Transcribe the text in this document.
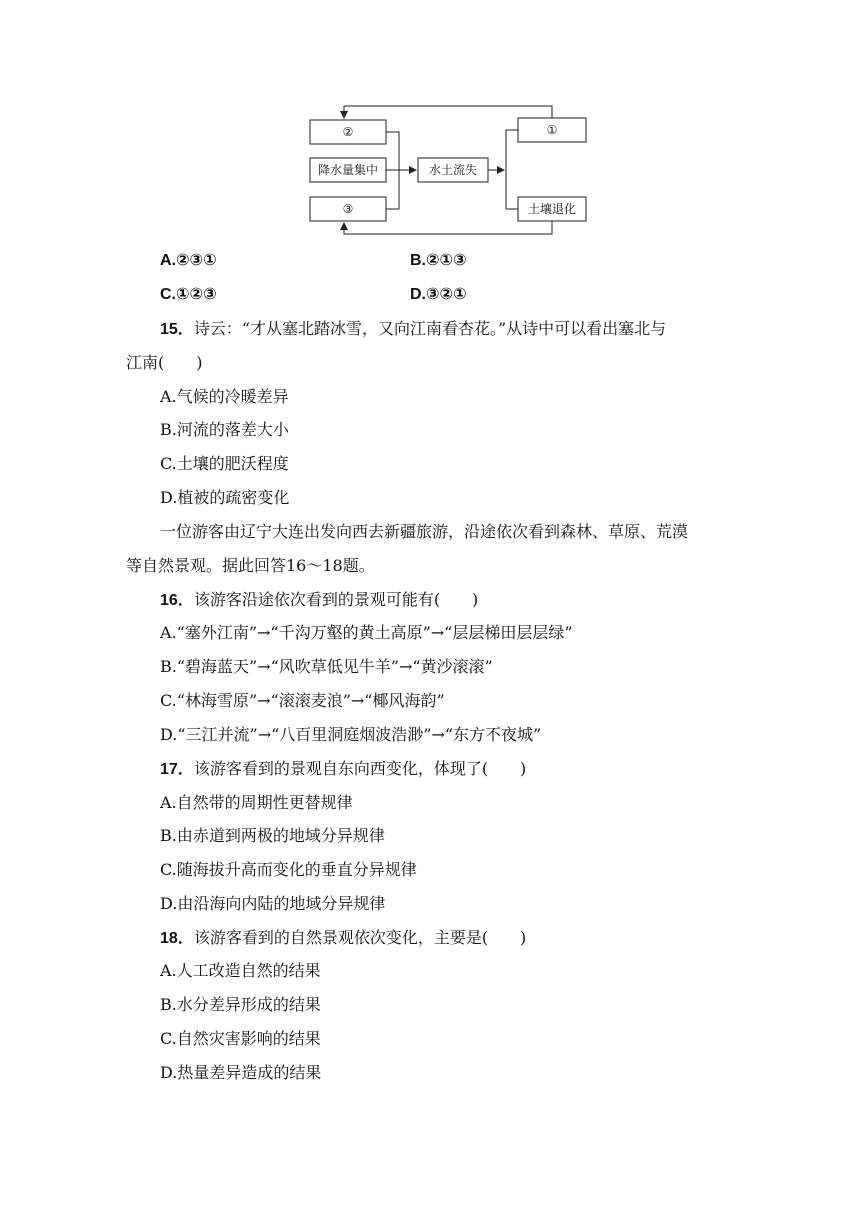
②
降水量集中
③
水土流失
①
土壤退化
A.②③①	B.②①③
C.①②③	D.③②①
15．诗云：“才从塞北踏冰雪，又向江南看杏花。”从诗中可以看出塞北与
江南(　　)
A.气候的冷暖差异
B.河流的落差大小
C.土壤的肥沃程度
D.植被的疏密变化
一位游客由辽宁大连出发向西去新疆旅游，沿途依次看到森林、草原、荒漠
等自然景观。据此回答16～18题。
16．该游客沿途依次看到的景观可能有(　　)
A.“塞外江南”→“千沟万壑的黄土高原”→“层层梯田层层绿”
B.“碧海蓝天”→“风吹草低见牛羊”→“黄沙滚滚”
C.“林海雪原”→“滚滚麦浪”→“椰风海韵”
D.“三江并流”→“八百里洞庭烟波浩渺”→“东方不夜城”
17．该游客看到的景观自东向西变化，体现了(　　)
A.自然带的周期性更替规律
B.由赤道到两极的地域分异规律
C.随海拔升高而变化的垂直分异规律
D.由沿海向内陆的地域分异规律
18．该游客看到的自然景观依次变化，主要是(　　)
A.人工改造自然的结果
B.水分差异形成的结果
C.自然灾害影响的结果
D.热量差异造成的结果
